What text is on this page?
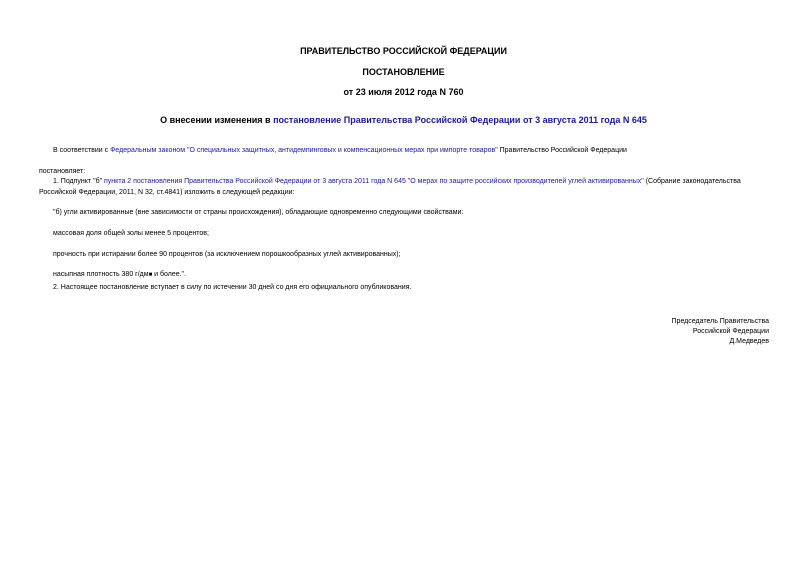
ПРАВИТЕЛЬСТВО РОССИЙСКОЙ ФЕДЕРАЦИИ
ПОСТАНОВЛЕНИЕ
от 23 июля 2012 года N 760
О внесении изменения в постановление Правительства Российской Федерации от 3 августа 2011 года N 645
В соответствии с Федеральным законом "О специальных защитных, антидемпинговых и компенсационных мерах при импорте товаров" Правительство Российской Федерации
постановляет:
1. Подпункт "б" пункта 2 постановления Правительства Российской Федерации от 3 августа 2011 года N 645 "О мерах по защите российских производителей углей активированных" (Собрание законодательства
Российской Федерации, 2011, N 32, ст.4841) изложить в следующей редакции:
"б) угли активированные (вне зависимости от страны происхождения), обладающие одновременно следующими свойствами:
массовая доля общей золы менее 5 процентов;
прочность при истирании более 90 процентов (за исключением порошкообразных углей активированных);
насыпная плотность 380 г/дм■ и более.".
2. Настоящее постановление вступает в силу по истечении 30 дней со дня его официального опубликования.
Председатель Правительства
Российской Федерации
Д.Медведев
